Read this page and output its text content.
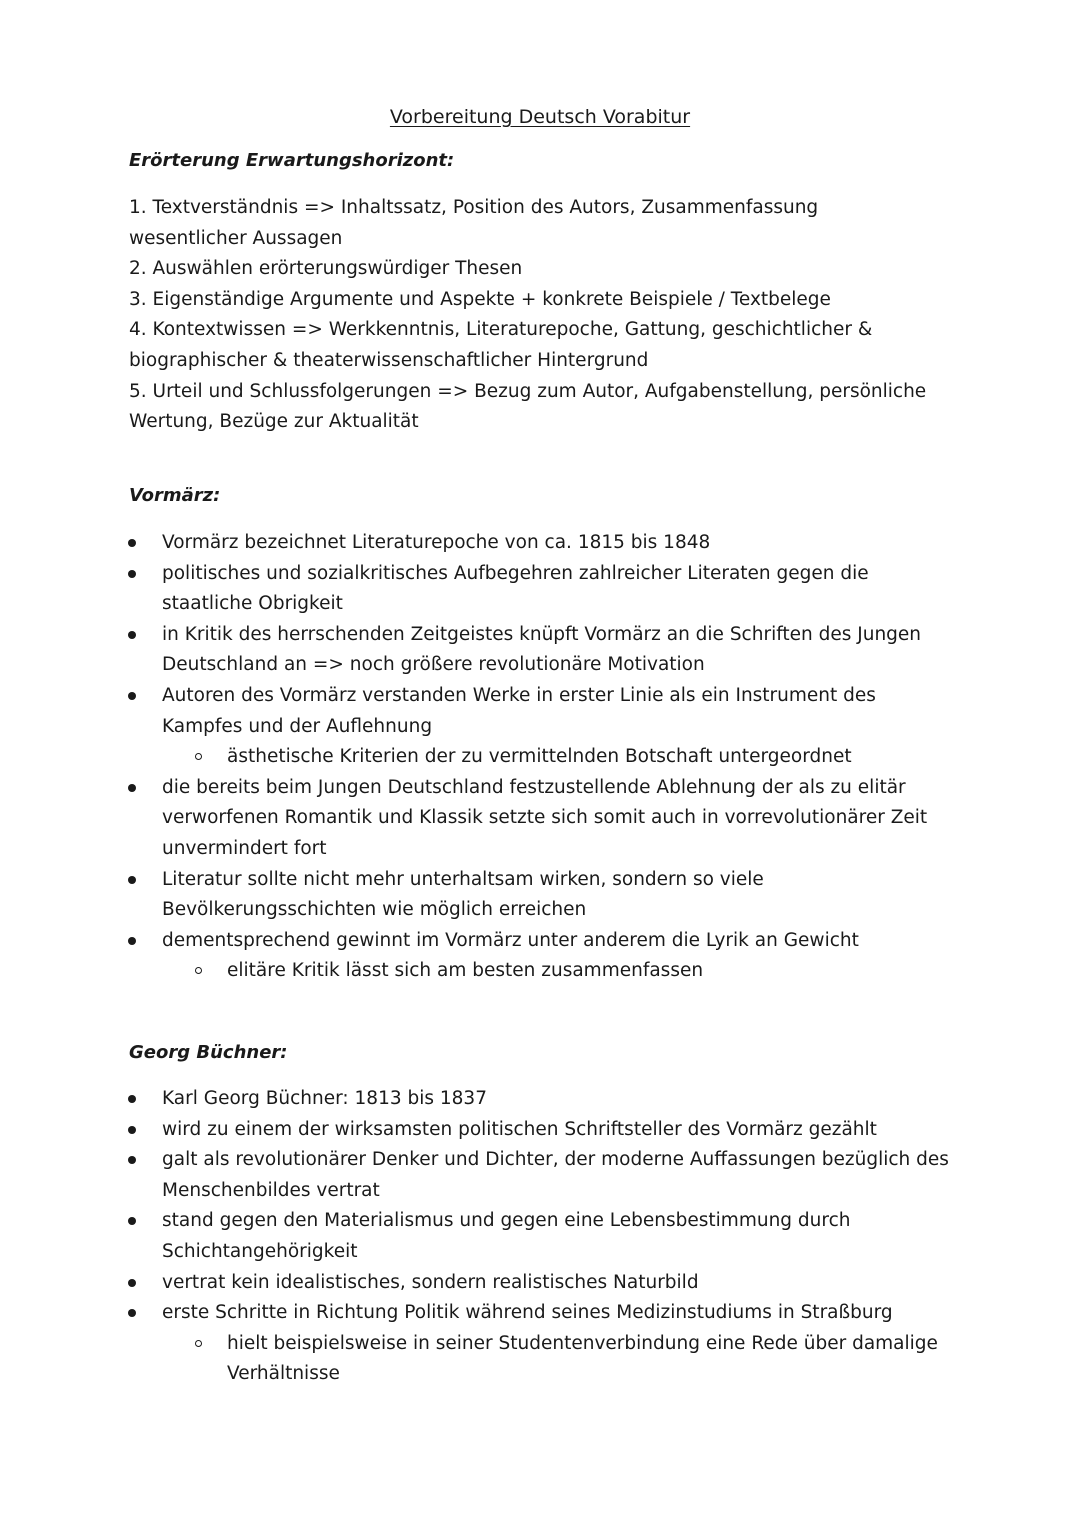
Vorbereitung Deutsch Vorabitur
Erörterung Erwartungshorizont:

1. Textverständnis => Inhaltssatz, Position des Autors, Zusammenfassung wesentlicher Aussagen

2. Auswählen erörterungswürdiger Thesen

3. Eigenständige Argumente und Aspekte + konkrete Beispiele / Textbelege

4. Kontextwissen => Werkkenntnis, Literaturepoche, Gattung, geschichtlicher & biographischer & theaterwissenschaftlicher Hintergrund

5. Urteil und Schlussfolgerungen => Bezug zum Autor, Aufgabenstellung, persönliche Wertung, Bezüge zur Aktualität

Vormärz:
Vormärz bezeichnet Literaturepoche von ca. 1815 bis 1848
politisches und sozialkritisches Aufbegehren zahlreicher Literaten gegen die staatliche Obrigkeit
in Kritik des herrschenden Zeitgeistes knüpft Vormärz an die Schriften des Jungen Deutschland an => noch größere revolutionäre Motivation
Autoren des Vormärz verstanden Werke in erster Linie als ein Instrument des Kampfes und der Auflehnung
ästhetische Kriterien der zu vermittelnden Botschaft untergeordnet
die bereits beim Jungen Deutschland festzustellende Ablehnung der als zu elitär verworfenen Romantik und Klassik setzte sich somit auch in vorrevolutionärer Zeit unvermindert fort
Literatur sollte nicht mehr unterhaltsam wirken, sondern so viele Bevölkerungsschichten wie möglich erreichen
dementsprechend gewinnt im Vormärz unter anderem die Lyrik an Gewicht
elitäre Kritik lässt sich am besten zusammenfassen
Georg Büchner:
Karl Georg Büchner: 1813 bis 1837
wird zu einem der wirksamsten politischen Schriftsteller des Vormärz gezählt
galt als revolutionärer Denker und Dichter, der moderne Auffassungen bezüglich des Menschenbildes vertrat
stand gegen den Materialismus und gegen eine Lebensbestimmung durch Schichtangehörigkeit
vertrat kein idealistisches, sondern realistisches Naturbild
erste Schritte in Richtung Politik während seines Medizinstudiums in Straßburg
hielt beispielsweise in seiner Studentenverbindung eine Rede über damalige Verhältnisse
